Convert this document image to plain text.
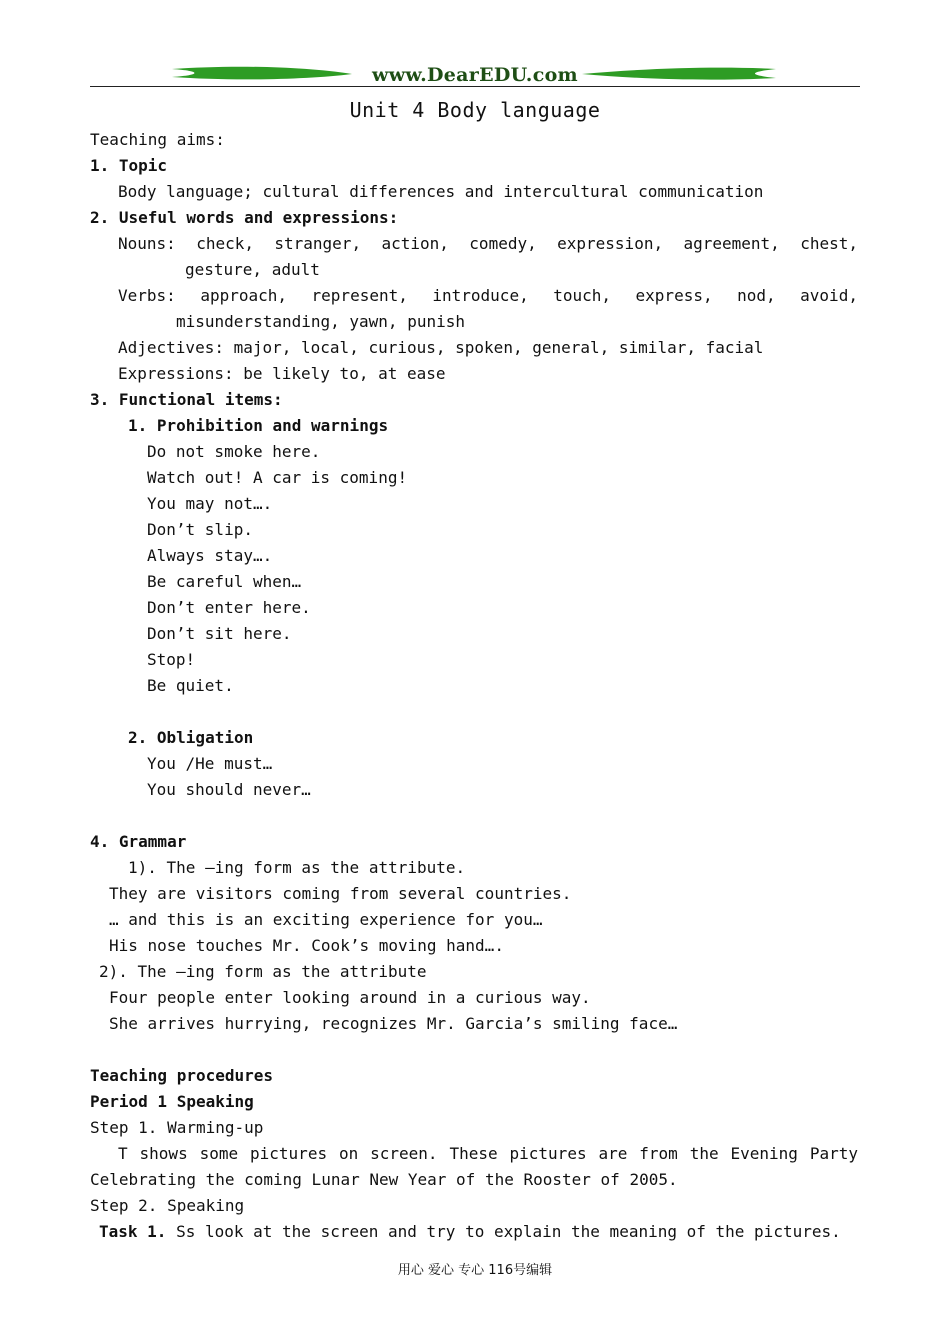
www.DearEDU.com
Unit 4 Body language
Teaching aims:
1. Topic
Body language; cultural differences and intercultural communication
2. Useful words and expressions:
Nouns: check, stranger, action, comedy, expression, agreement, chest,
gesture, adult
Verbs: approach, represent, introduce, touch, express, nod, avoid,
misunderstanding, yawn, punish
Adjectives: major, local, curious, spoken, general, similar, facial
Expressions: be likely to, at ease
3. Functional items:
1. Prohibition and warnings
Do not smoke here.
Watch out! A car is coming!
You may not….
Don’t slip.
Always stay….
Be careful when…
Don’t enter here.
Don’t sit here.
Stop!
Be quiet.
2. Obligation
You /He must…
You should never…
4. Grammar
1). The –ing form as the attribute.
They are visitors coming from several countries.
… and this is an exciting experience for you…
His nose touches Mr. Cook’s moving hand….
2). The –ing form as the attribute
Four people enter looking around in a curious way.
She arrives hurrying, recognizes Mr. Garcia’s smiling face…
Teaching procedures
Period 1 Speaking
Step 1. Warming-up
T shows some pictures on screen. These pictures are from the Evening Party
Celebrating the coming Lunar New Year of the Rooster of 2005.
Step 2. Speaking
Task 1. Ss look at the screen and try to explain the meaning of the pictures.
用心 爱心 专心 116号编辑
